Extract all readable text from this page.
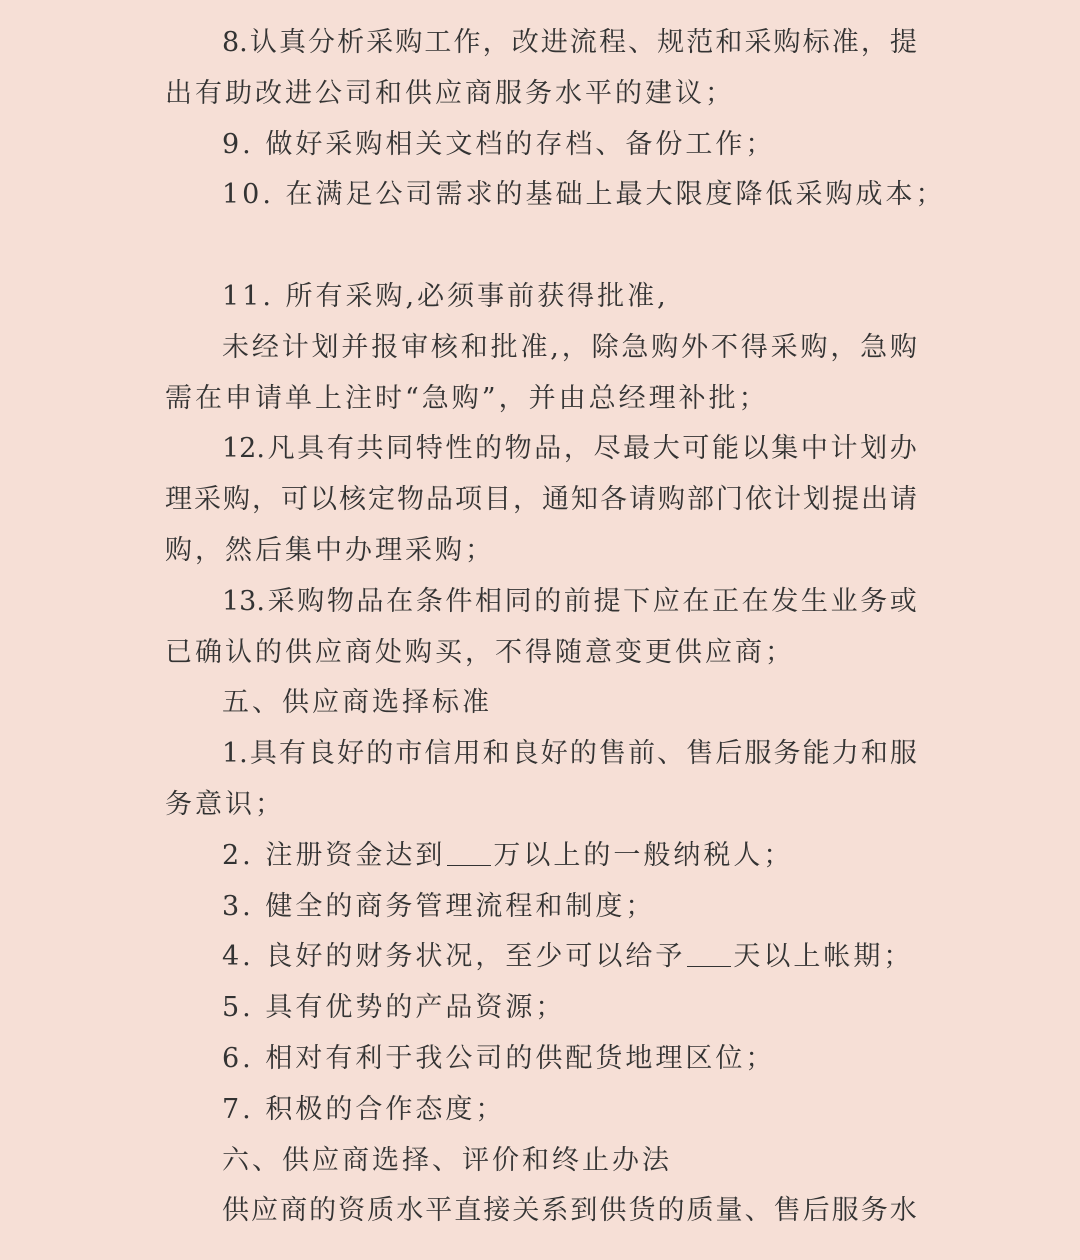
8. 认 真 分 析 采 购 工 作 ， 改 进 流 程 、 规 范 和 采 购 标 准 ， 提
出有助改进公司和供应商服务水平的建议；
9. 做好采购相关文档的存档、备份工作；
10. 在满足公司需求的基础上最大限度降低采购成本；
11. 所有采购,必须事前获得批准,
未 经 计 划 并 报 审 核 和 批 准 , ， 除 急 购 外 不 得 采 购 ， 急 购
需在申请单上注时“急购”，并由总经理补批；
12. 凡 具 有 共 同 特 性 的 物 品 ， 尽 最 大 可 能 以 集 中 计 划 办
理 采 购 ， 可 以 核 定 物 品 项 目 ， 通 知 各 请 购 部 门 依 计 划 提 出 请
购，然后集中办理采购；
13. 采 购 物 品 在 条 件 相 同 的 前 提 下 应 在 正 在 发 生 业 务 或
已确认的供应商处购买，不得随意变更供应商；
五、供应商选择标准
1. 具 有 良 好 的 市 信 用 和 良 好 的 售 前 、 售 后 服 务 能 力 和 服
务意识；
2. 注册资金达到 万以上的一般纳税人；
3. 健全的商务管理流程和制度；
4. 良好的财务状况，至少可以给予 天以上帐期；
5. 具有优势的产品资源；
6. 相对有利于我公司的供配货地理区位；
7. 积极的合作态度；
六、供应商选择、评价和终止办法
供 应 商 的 资 质 水 平 直 接 关 系 到 供 货 的 质 量 、 售 后 服 务 水
